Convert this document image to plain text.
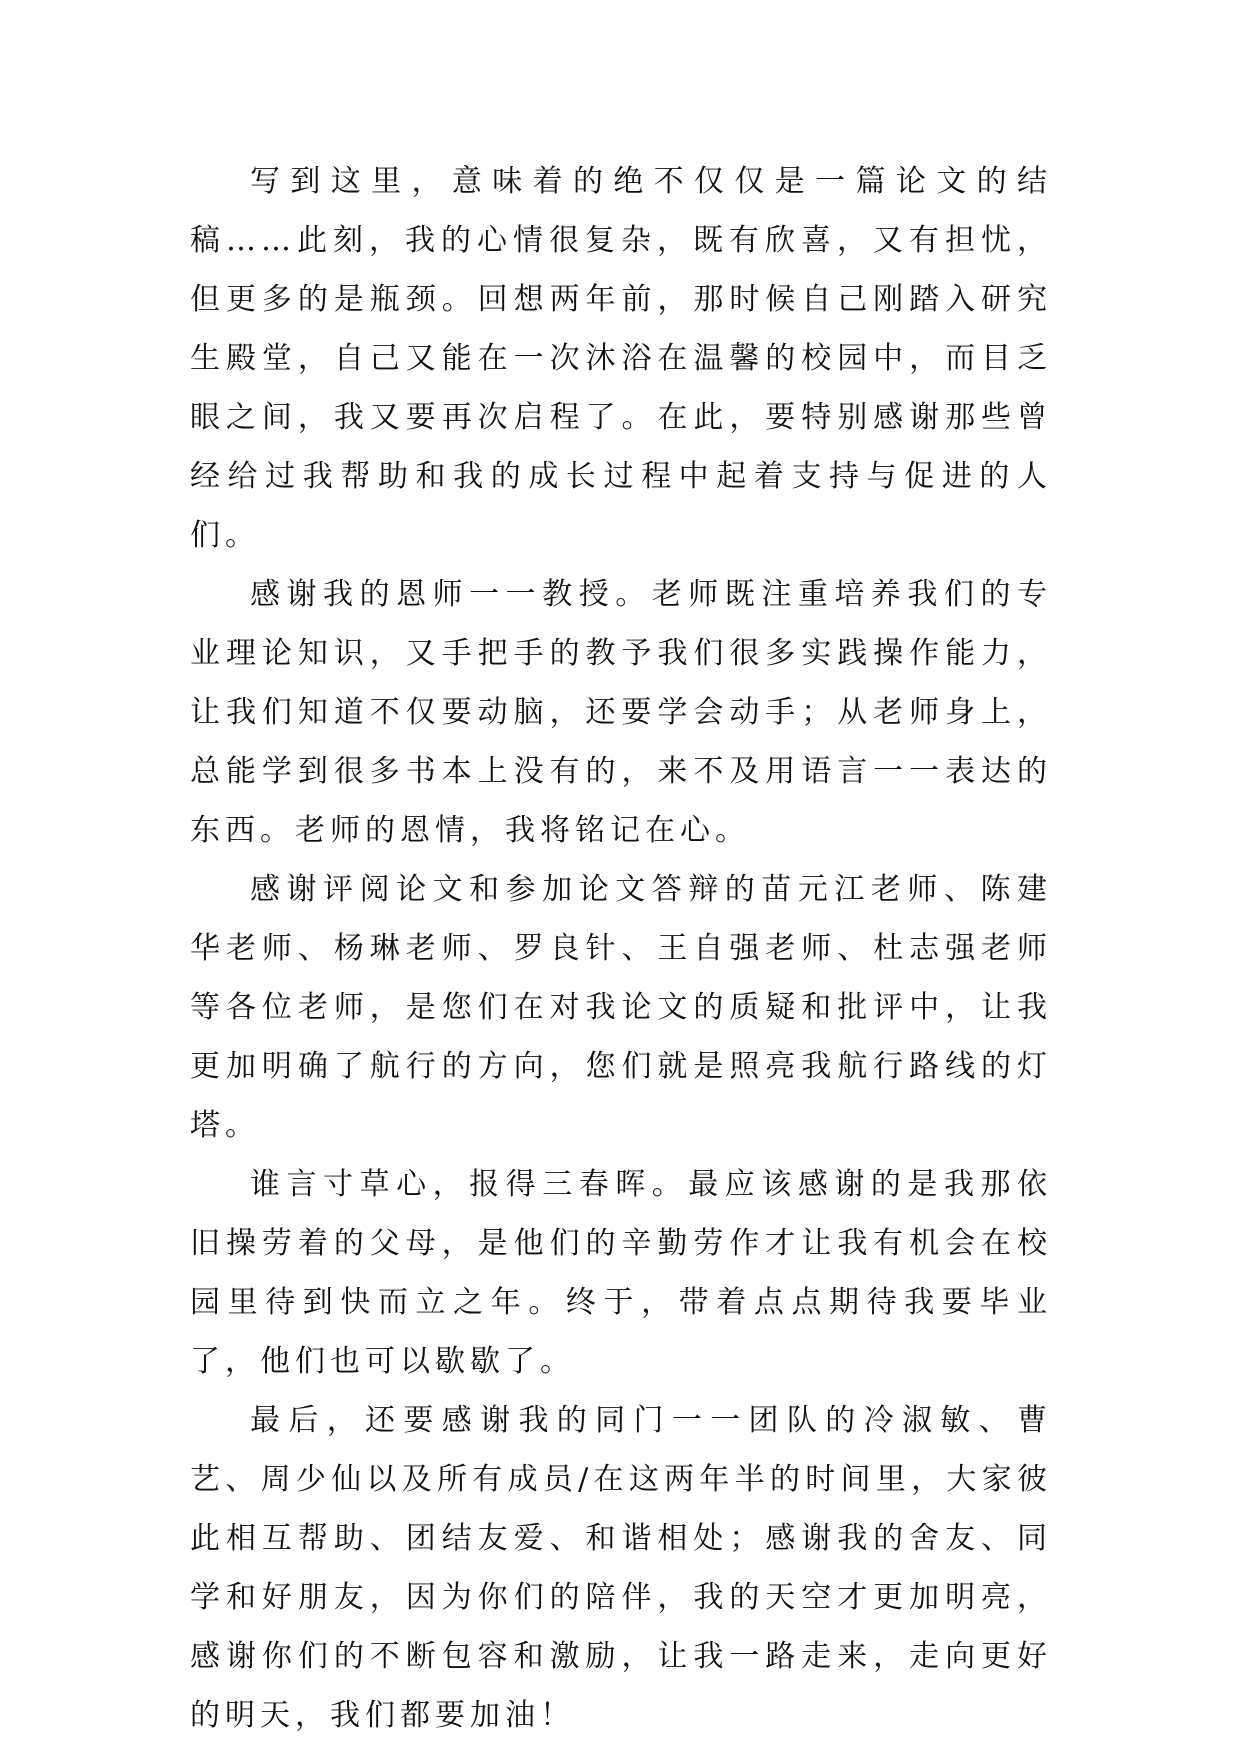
写到这里，意味着的绝不仅仅是一篇论文的结稿……此刻，我的心情很复杂，既有欣喜，又有担忧，但更多的是瓶颈。回想两年前，那时候自己刚踏入研究生殿堂，自己又能在一次沐浴在温馨的校园中，而目乏眼之间，我又要再次启程了。在此，要特别感谢那些曾经给过我帮助和我的成长过程中起着支持与促进的人们。

感谢我的恩师一一教授。老师既注重培养我们的专业理论知识，又手把手的教予我们很多实践操作能力，让我们知道不仅要动脑，还要学会动手；从老师身上，总能学到很多书本上没有的，来不及用语言一一表达的东西。老师的恩情，我将铭记在心。

感谢评阅论文和参加论文答辩的苗元江老师、陈建华老师、杨琳老师、罗良针、王自强老师、杜志强老师等各位老师，是您们在对我论文的质疑和批评中，让我更加明确了航行的方向，您们就是照亮我航行路线的灯塔。

谁言寸草心，报得三春晖。最应该感谢的是我那依旧操劳着的父母，是他们的辛勤劳作才让我有机会在校园里待到快而立之年。终于，带着点点期待我要毕业了，他们也可以歇歇了。

最后，还要感谢我的同门一一团队的冷淑敏、曹艺、周少仙以及所有成员/在这两年半的时间里，大家彼此相互帮助、团结友爱、和谐相处；感谢我的舍友、同学和好朋友，因为你们的陪伴，我的天空才更加明亮，感谢你们的不断包容和激励，让我一路走来，走向更好的明天，我们都要加油！
